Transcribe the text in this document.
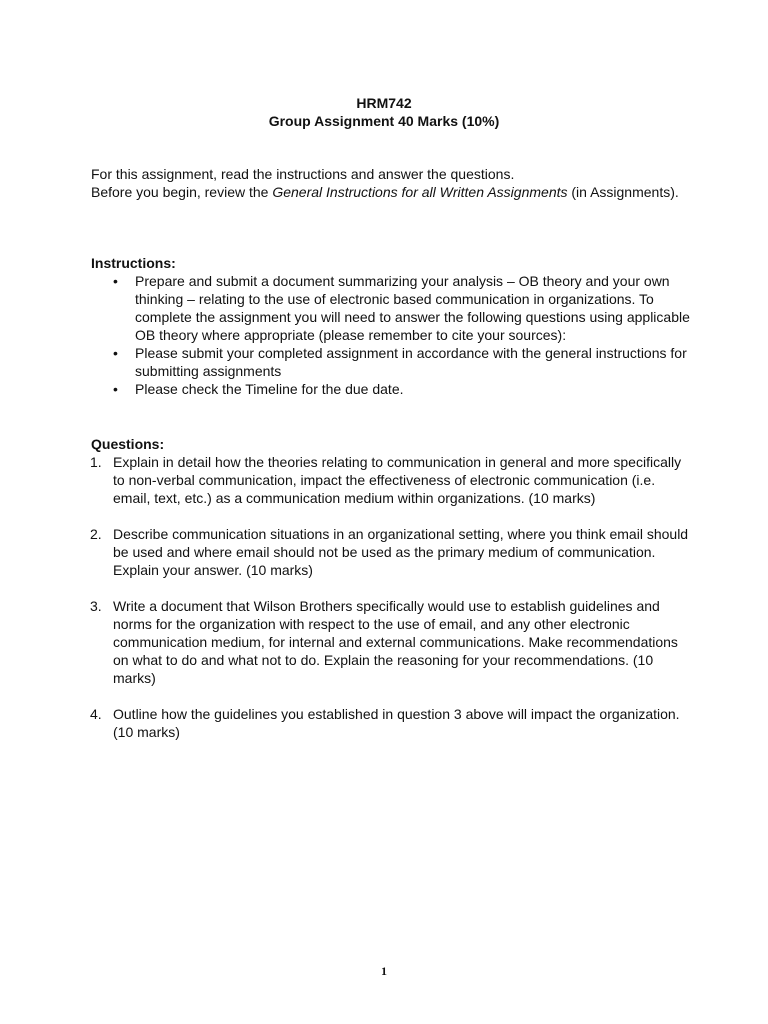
HRM742
Group Assignment 40 Marks (10%)

For this assignment, read the instructions and answer the questions.

Before you begin, review the General Instructions for all Written Assignments (in Assignments).

Instructions:

• Prepare and submit a document summarizing your analysis – OB theory and your own thinking – relating to the use of electronic based communication in organizations. To complete the assignment you will need to answer the following questions using applicable OB theory where appropriate (please remember to cite your sources):
• Please submit your completed assignment in accordance with the general instructions for submitting assignments
• Please check the Timeline for the due date.

Questions:

1. Explain in detail how the theories relating to communication in general and more specifically to non-verbal communication, impact the effectiveness of electronic communication (i.e. email, text, etc.) as a communication medium within organizations. (10 marks)
2. Describe communication situations in an organizational setting, where you think email should be used and where email should not be used as the primary medium of communication. Explain your answer. (10 marks)
3. Write a document that Wilson Brothers specifically would use to establish guidelines and norms for the organization with respect to the use of email, and any other electronic communication medium, for internal and external communications. Make recommendations on what to do and what not to do. Explain the reasoning for your recommendations. (10 marks)
4. Outline how the guidelines you established in question 3 above will impact the organization. (10 marks)
1
